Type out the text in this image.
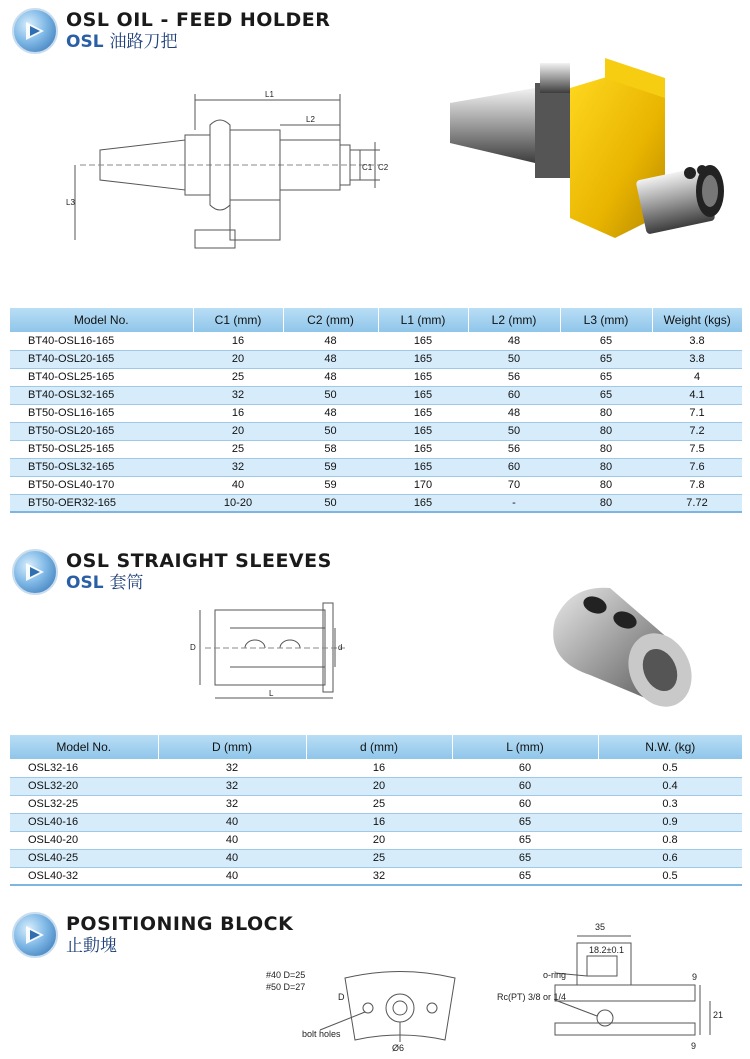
OSL OIL - FEED HOLDER
OSL 油路刀把
L1
L2
L3
C1 C2
Model No.	C1 (mm)	C2 (mm)	L1 (mm)	L2 (mm)	L3 (mm)	Weight (kgs)
BT40-OSL16-165	16	48	165	48	65	3.8
BT40-OSL20-165	20	48	165	50	65	3.8
BT40-OSL25-165	25	48	165	56	65	4
BT40-OSL32-165	32	50	165	60	65	4.1
BT50-OSL16-165	16	48	165	48	80	7.1
BT50-OSL20-165	20	50	165	50	80	7.2
BT50-OSL25-165	25	58	165	56	80	7.5
BT50-OSL32-165	32	59	165	60	80	7.6
BT50-OSL40-170	40	59	170	70	80	7.8
BT50-OER32-165	10-20	50	165	-	80	7.72
OSL STRAIGHT SLEEVES
OSL 套筒
D	d
L
Model No.	D (mm)	d (mm)	L (mm)	N.W. (kg)
OSL32-16	32	16	60	0.5
OSL32-20	32	20	60	0.4
OSL32-25	32	25	60	0.3
OSL40-16	40	16	65	0.9
OSL40-20	40	20	65	0.8
OSL40-25	40	25	65	0.6
OSL40-32	40	32	65	0.5
POSITIONING BLOCK
止動塊
#40 D=25
#50 D=27
D
bolt holes
Ø6
35
18.2±0.1
o-ring
Rc(PT) 3/8 or 1/4
9
21
9
